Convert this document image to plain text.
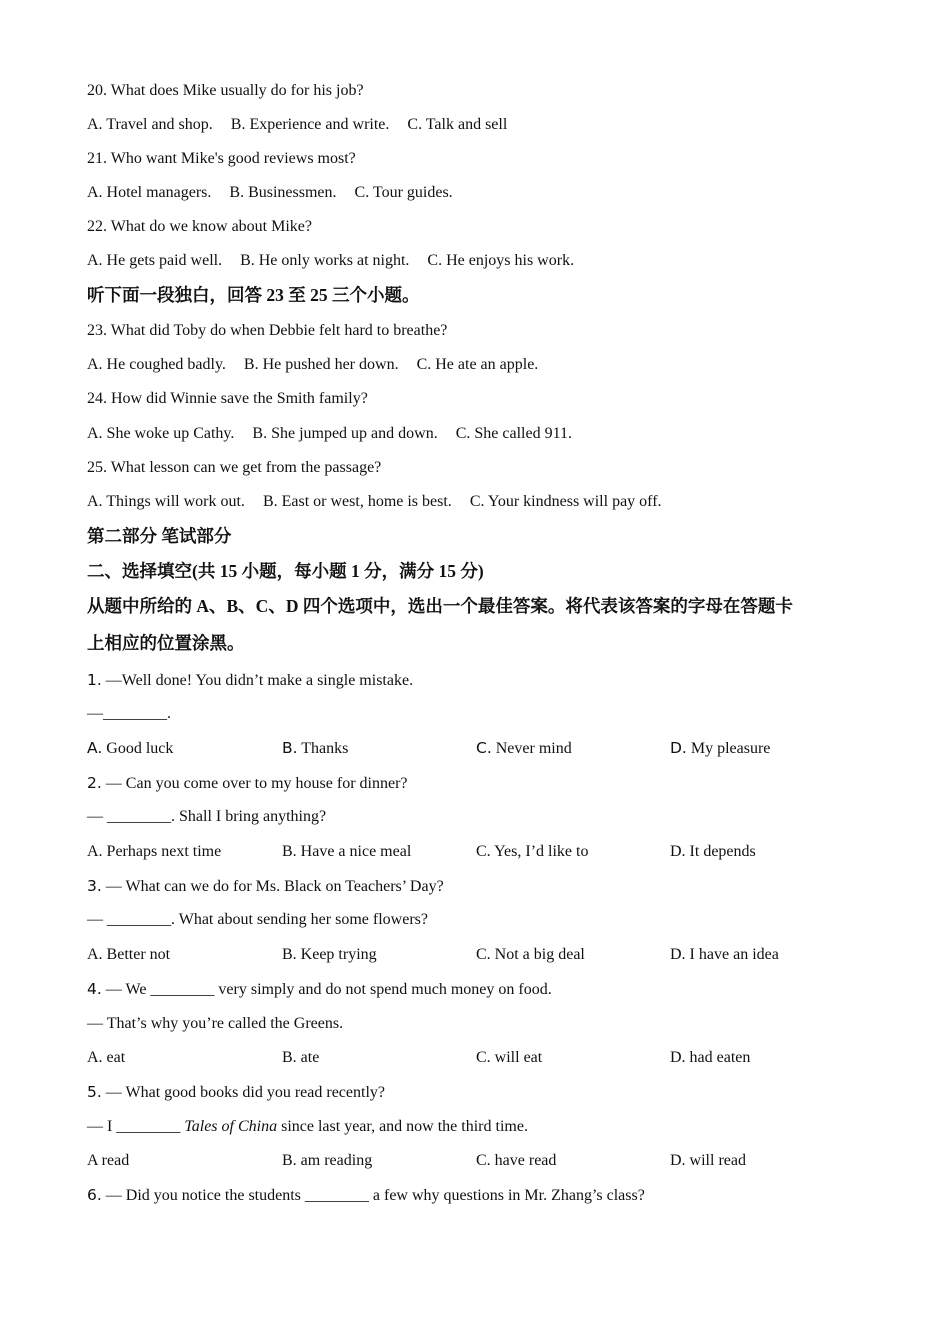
20. What does Mike usually do for his job?
A. Travel and shop. B. Experience and write. C. Talk and sell
21. Who want Mike's good reviews most?
A. Hotel managers. B. Businessmen. C. Tour guides.
22. What do we know about Mike?
A. He gets paid well. B. He only works at night. C. He enjoys his work.
听下面一段独白，回答 23 至 25 三个小题。
23. What did Toby do when Debbie felt hard to breathe?
A. He coughed badly. B. He pushed her down. C. He ate an apple.
24. How did Winnie save the Smith family?
A. She woke up Cathy. B. She jumped up and down. C. She called 911.
25. What lesson can we get from the passage?
A. Things will work out. B. East or west, home is best. C. Your kindness will pay off.
第二部分 笔试部分
二、选择填空(共 15 小题，每小题 1 分，满分 15 分)
从题中所给的 A、B、C、D 四个选项中，选出一个最佳答案。将代表该答案的字母在答题卡
上相应的位置涂黑。
1. —Well done! You didn’t make a single mistake.
—________.
A. Good luck	B. Thanks	C. Never mind	D. My pleasure
2. — Can you come over to my house for dinner?
— ________. Shall I bring anything?
A. Perhaps next time	B. Have a nice meal	C. Yes, I’d like to	D. It depends
3. — What can we do for Ms. Black on Teachers’ Day?
— ________. What about sending her some flowers?
A. Better not	B. Keep trying	C. Not a big deal	D. I have an idea
4. — We ________ very simply and do not spend much money on food.
— That’s why you’re called the Greens.
A. eat	B. ate	C. will eat	D. had eaten
5. — What good books did you read recently?
— I ________ Tales of China since last year, and now the third time.
A read	B. am reading	C. have read	D. will read
6. — Did you notice the students ________ a few why questions in Mr. Zhang’s class?
